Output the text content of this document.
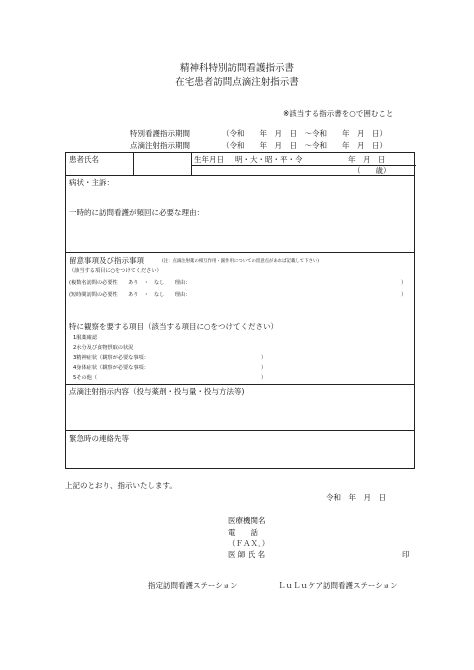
精神科特別訪問看護指示書
在宅患者訪問点滴注射指示書
※該当する指示書を○で囲むこと
特別看護指示期間	（令和　　年　月　日　〜令和　　年　月　日）
点滴注射指示期間	（令和　　年　月　日　〜令和　　年　月　日）
患者氏名	生年月日 明・大・昭・平・令	年　月　日
（　　歳）
病状・主訴：
一時的に訪問看護が頻回に必要な理由：
留意事項及び指示事項	(注：点滴注射薬の相互作用・副作用についての留意点があれば記載して下さい)
（該当する項目に○をつけてください）
(複数名訪問の必要性　　あり　・　なし　　理由：	）
(短時間訪問の必要性　　あり　・　なし　　理由：	）
特に観察を要する項目（該当する項目に○をつけてください）
1服薬確認
2水分及び食物摂取の状況
3精神症状（観察が必要な事項：	）
4身体症状（観察が必要な事項：	）
5その他（	）
点滴注射指示内容（投与薬剤・投与量・投与方法等)
緊急時の連絡先等
上記のとおり、指示いたします。
令和　年　月　日
医療機関名
電　　話
（ＦＡＸ．）
医 師 氏 名	印
指定訪問看護ステーション	ＬｕＬｕケア訪問看護ステーション
